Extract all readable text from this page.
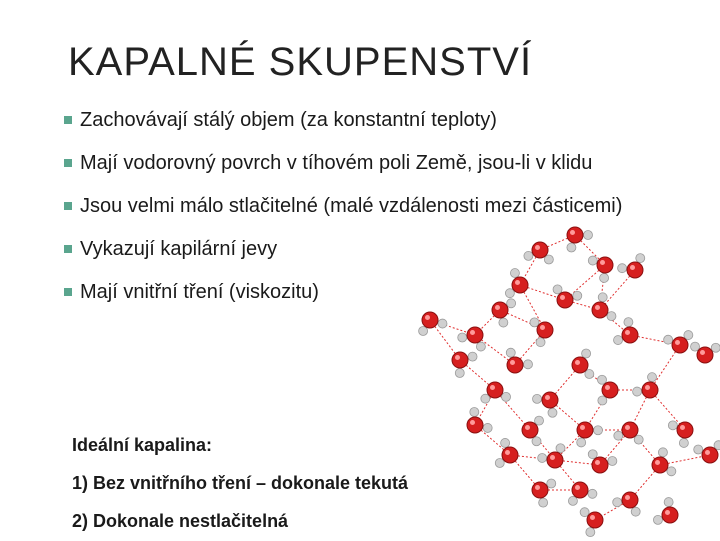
KAPALNÉ SKUPENSTVÍ
Zachovávají stálý objem (za konstantní teploty)
Mají vodorovný povrch v tíhovém poli Země, jsou-li v klidu
Jsou velmi málo stlačitelné (malé vzdálenosti mezi částicemi)
Vykazují kapilární jevy
Mají vnitřní tření (viskozitu)
Ideální kapalina:
1) Bez vnitřního tření – dokonale tekutá
2) Dokonale nestlačitelná
